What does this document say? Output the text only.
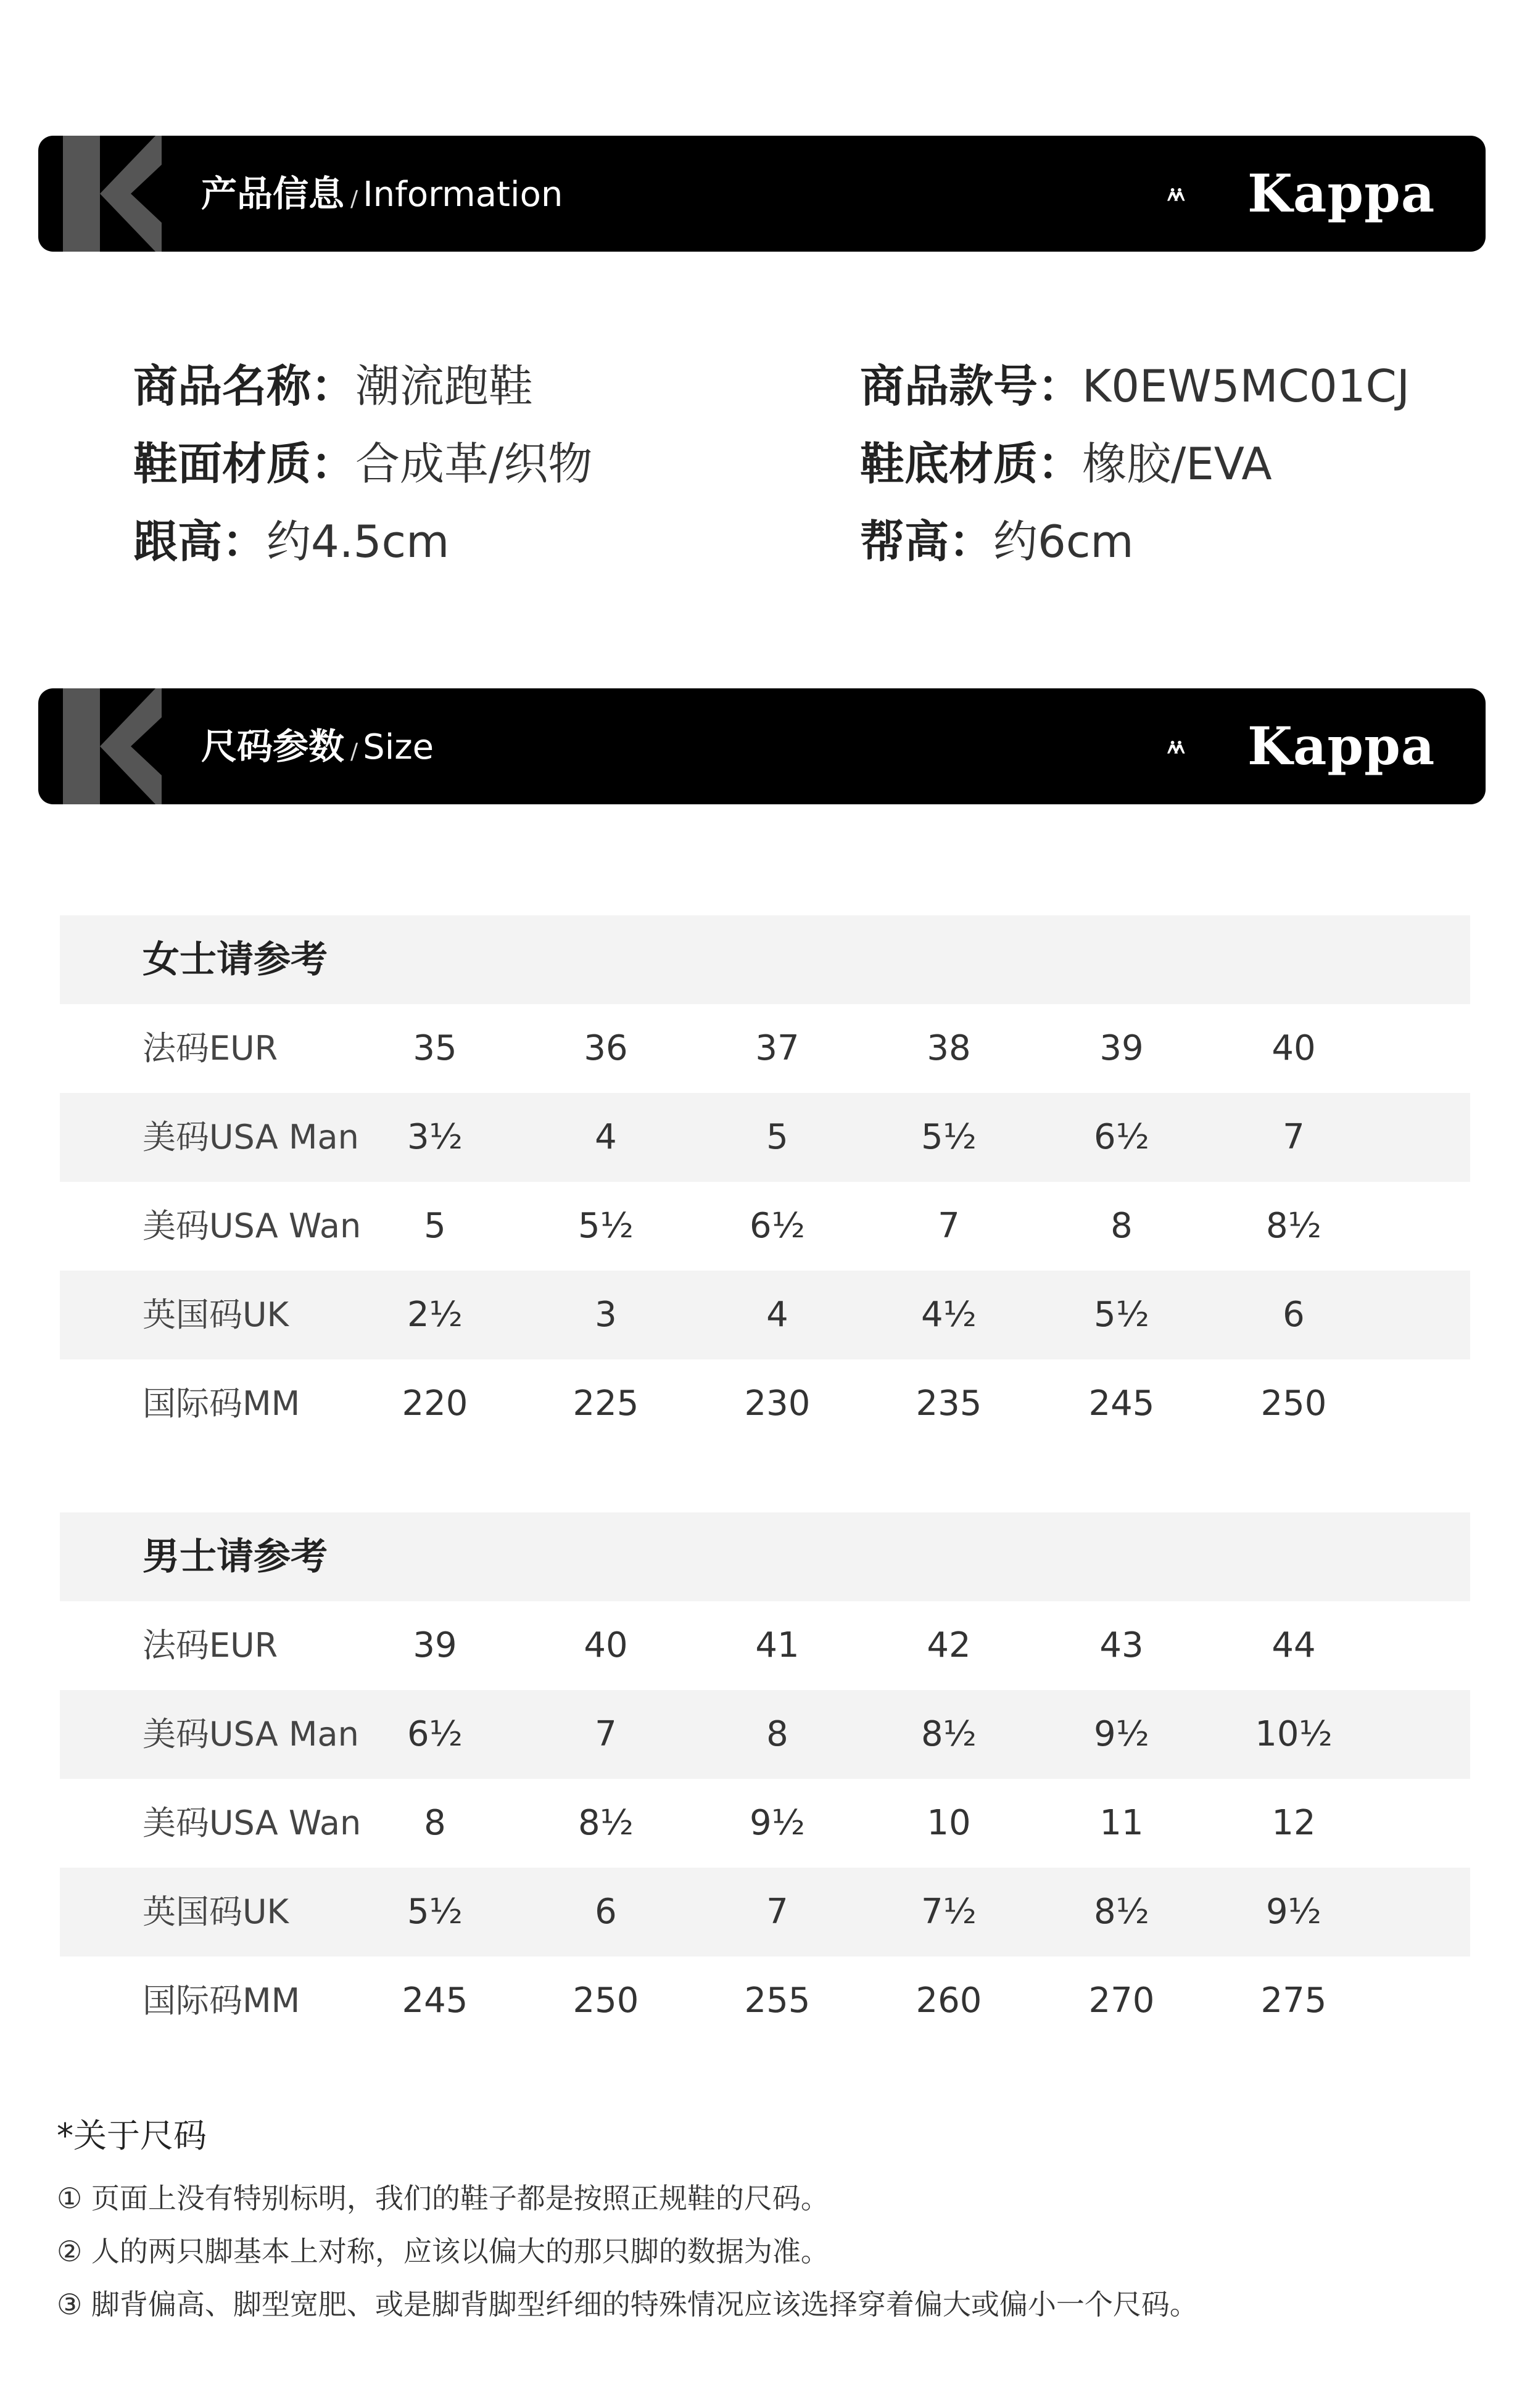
产品信息 / Information	Kappa
商品名称：潮流跑鞋	商品款号：K0EW5MC01CJ
鞋面材质：合成革/织物	鞋底材质：橡胶/EVA
跟高：约4.5cm	帮高：约6cm
尺码参数 / Size	Kappa
女士请参考
法码EUR	35	36	37	38	39	40
美码USA Man	3½	4	5	5½	6½	7
美码USA Wan	5	5½	6½	7	8	8½
英国码UK	2½	3	4	4½	5½	6
国际码MM	220	225	230	235	245	250
男士请参考
法码EUR	39	40	41	42	43	44
美码USA Man	6½	7	8	8½	9½	10½
美码USA Wan	8	8½	9½	10	11	12
英国码UK	5½	6	7	7½	8½	9½
国际码MM	245	250	255	260	270	275
*关于尺码
① 页面上没有特别标明，我们的鞋子都是按照正规鞋的尺码。
② 人的两只脚基本上对称，应该以偏大的那只脚的数据为准。
③ 脚背偏高、脚型宽肥、或是脚背脚型纤细的特殊情况应该选择穿着偏大或偏小一个尺码。
